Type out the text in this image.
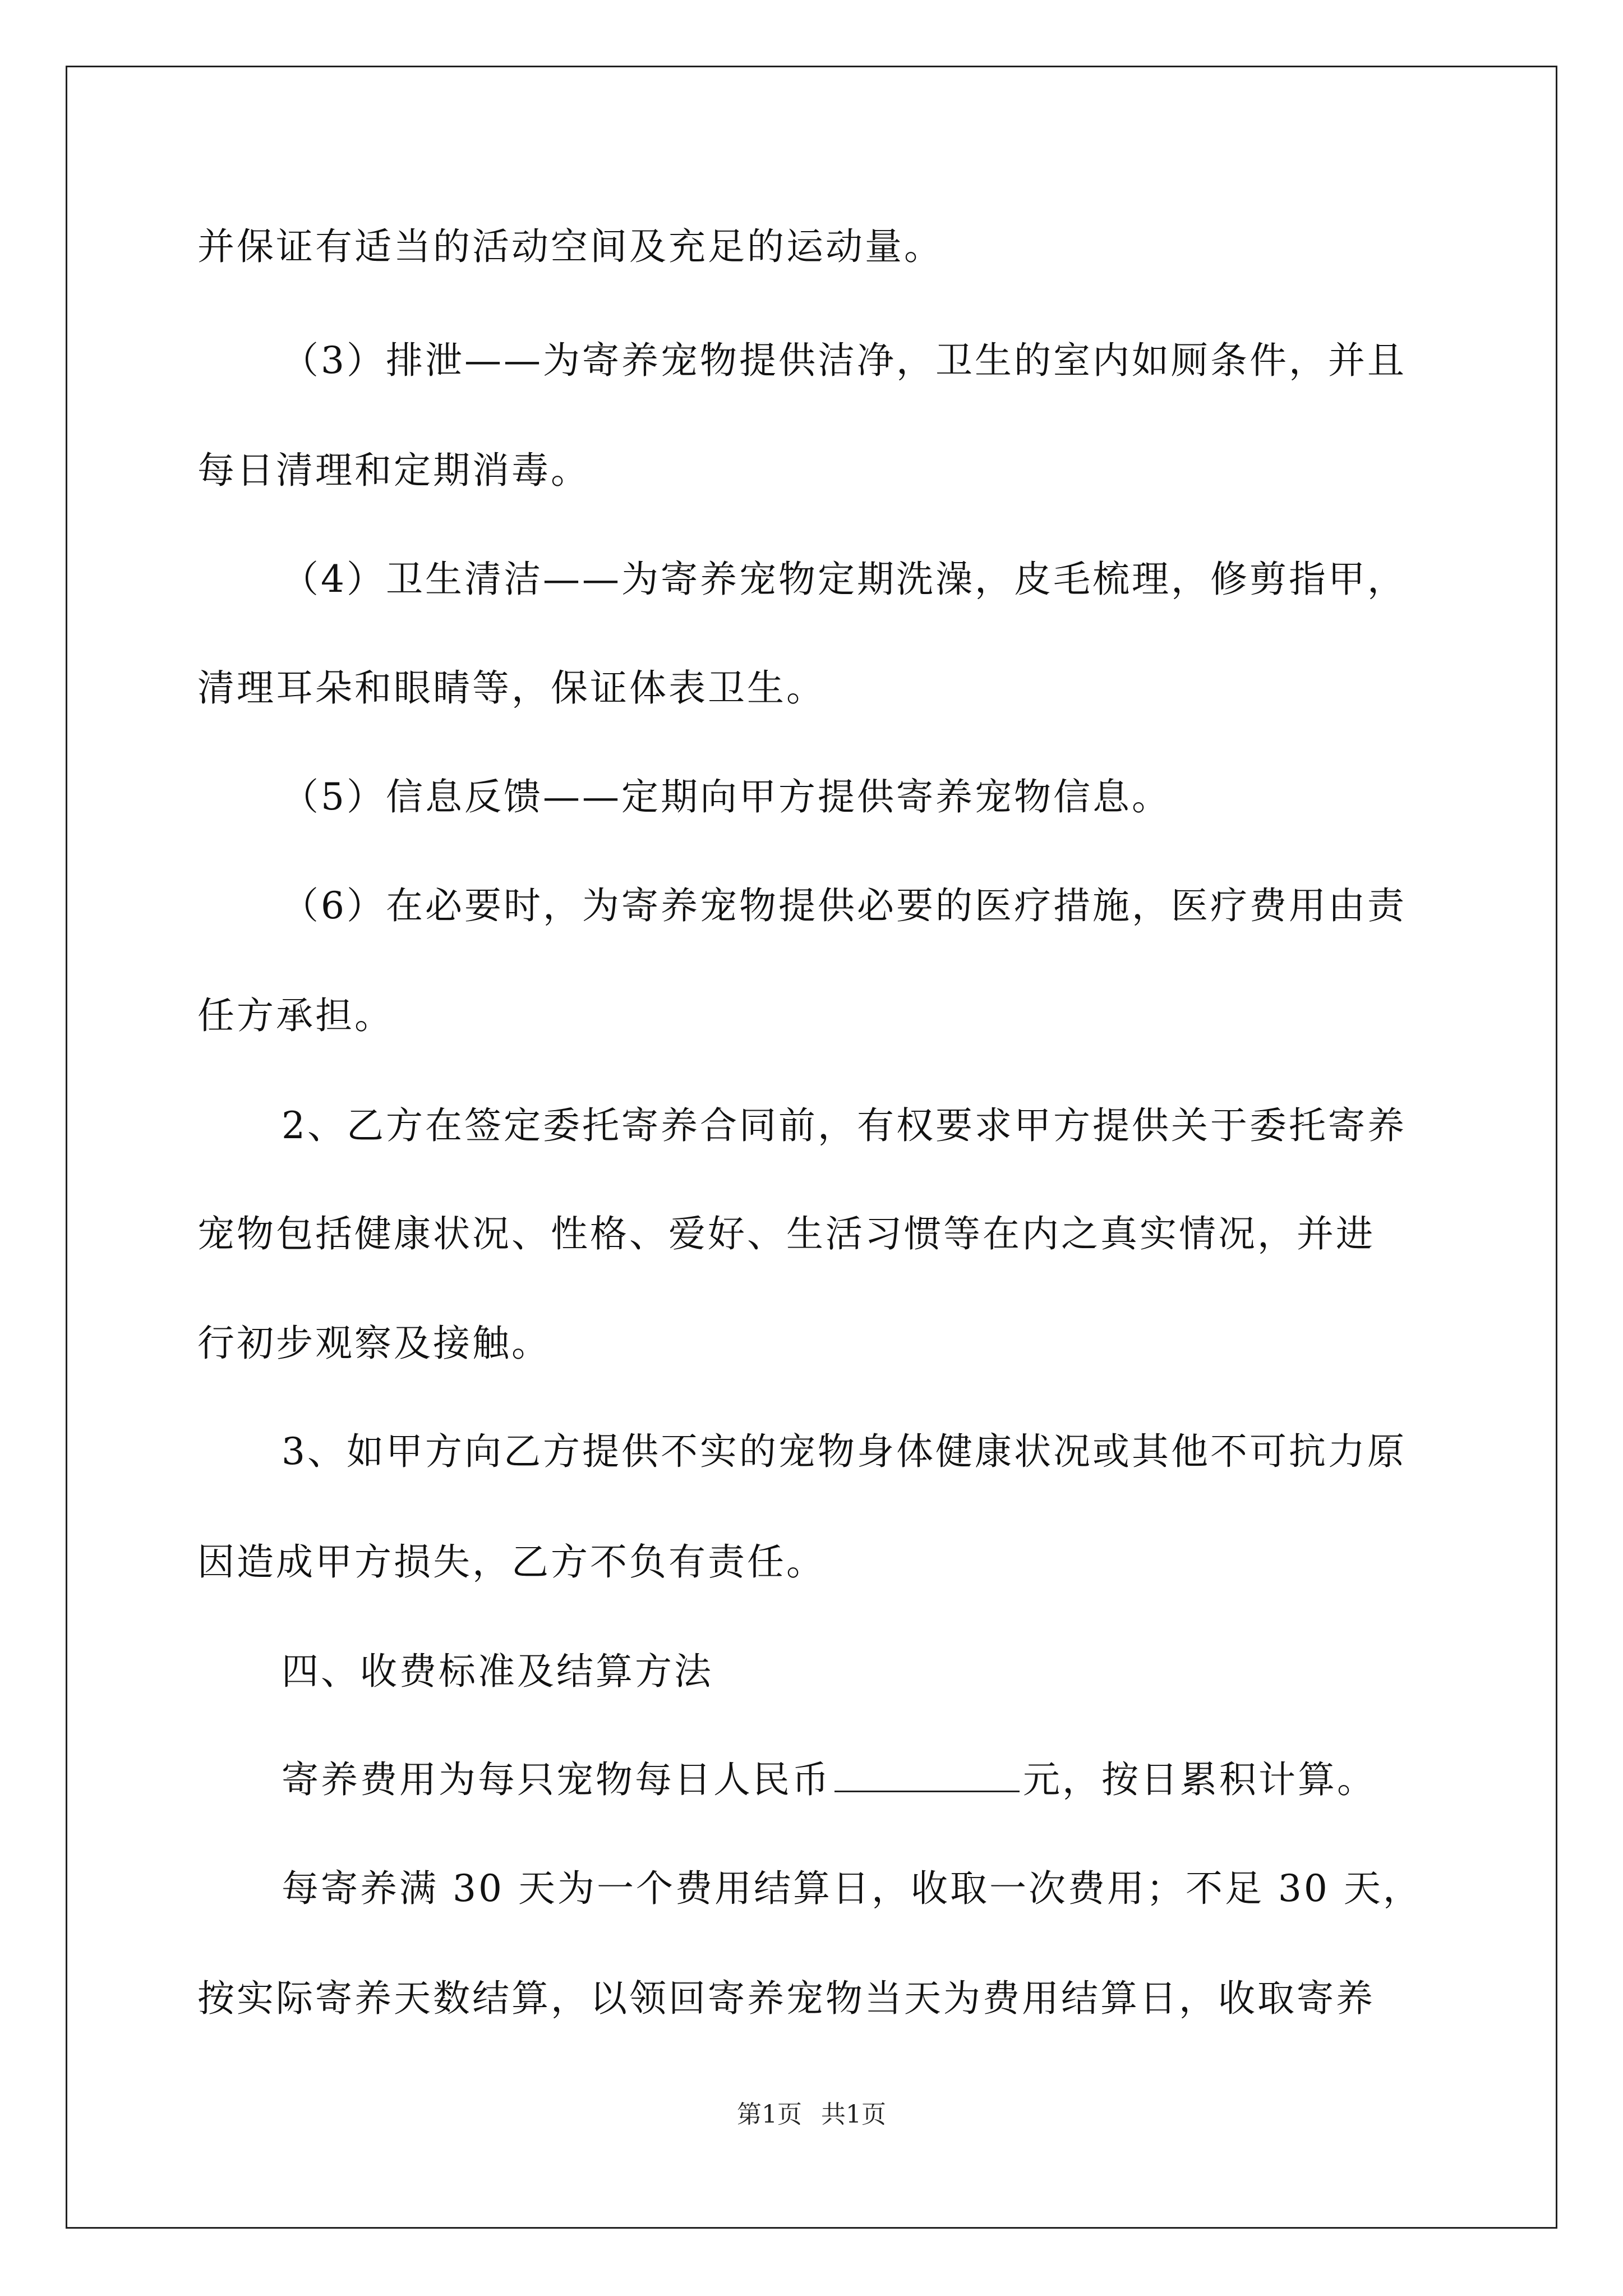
并保证有适当的活动空间及充足的运动量。
（3）排泄——为寄养宠物提供洁净，卫生的室内如厕条件，并且
每日清理和定期消毒。
（4）卫生清洁——为寄养宠物定期洗澡，皮毛梳理，修剪指甲，
清理耳朵和眼睛等，保证体表卫生。
（5）信息反馈——定期向甲方提供寄养宠物信息。
（6）在必要时，为寄养宠物提供必要的医疗措施，医疗费用由责
任方承担。
2、乙方在签定委托寄养合同前，有权要求甲方提供关于委托寄养
宠物包括健康状况、性格、爱好、生活习惯等在内之真实情况，并进
行初步观察及接触。
3、如甲方向乙方提供不实的宠物身体健康状况或其他不可抗力原
因造成甲方损失，乙方不负有责任。
四、收费标准及结算方法
寄养费用为每只宠物每日人民币	元，按日累积计算。
每寄养满 30 天为一个费用结算日，收取一次费用；不足 30 天，
按实际寄养天数结算，以领回寄养宠物当天为费用结算日，收取寄养
第1页 共1页
